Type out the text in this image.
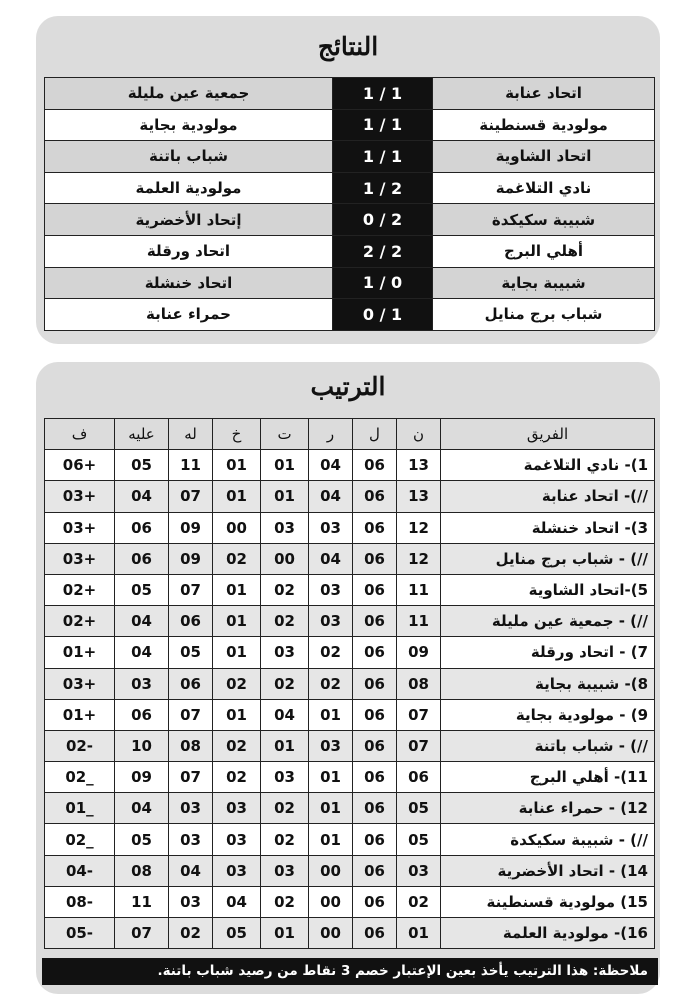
النتائج
اتحاد عنابة	1 / 1	جمعية عين مليلة
مولودية قسنطينة	1 / 1	مولودية بجاية
اتحاد الشاوية	1 / 1	شباب باتنة
نادي التلاغمة	1 / 2	مولودية العلمة
شبيبة سكيكدة	0 / 2	إتحاد الأخضرية
أهلي البرج	2 / 2	اتحاد ورقلة
شبيبة بجاية	1 / 0	اتحاد خنشلة
شباب برج منايل	0 / 1	حمراء عنابة
الترتيب
الفريق	ن	ل	ر	ت	خ	له	عليه	ف
1)- نادي التلاغمة	13	06	04	01	01	11	05	06+
//)- اتحاد عنابة	13	06	04	01	01	07	04	03+
3)- اتحاد خنشلة	12	06	03	03	00	09	06	03+
//) - شباب برج منايل	12	06	04	00	02	09	06	03+
5)-اتحاد الشاوية	11	06	03	02	01	07	05	02+
//) - جمعية عين مليلة	11	06	03	02	01	06	04	02+
7) - اتحاد ورقلة	09	06	02	03	01	05	04	01+
8)- شبيبة بجاية	08	06	02	02	02	06	03	03+
9) - مولودية بجاية	07	06	01	04	01	07	06	01+
//) - شباب باتنة	07	06	03	01	02	08	10	02-
11)- أهلي البرج	06	06	01	03	02	07	09	02_
12) - حمراء عنابة	05	06	01	02	03	03	04	01_
//) - شبيبة سكيكدة	05	06	01	02	03	03	05	02_
14) - اتحاد الأخضرية	03	06	00	03	03	04	08	04-
15) مولودية قسنطينة	02	06	00	02	04	03	11	08-
16)- مولودية العلمة	01	06	00	01	05	02	07	05-
ملاحظة: هذا الترتيب يأخذ بعين الإعتبار خصم 3 نقاط من رصيد شباب باتنة.
